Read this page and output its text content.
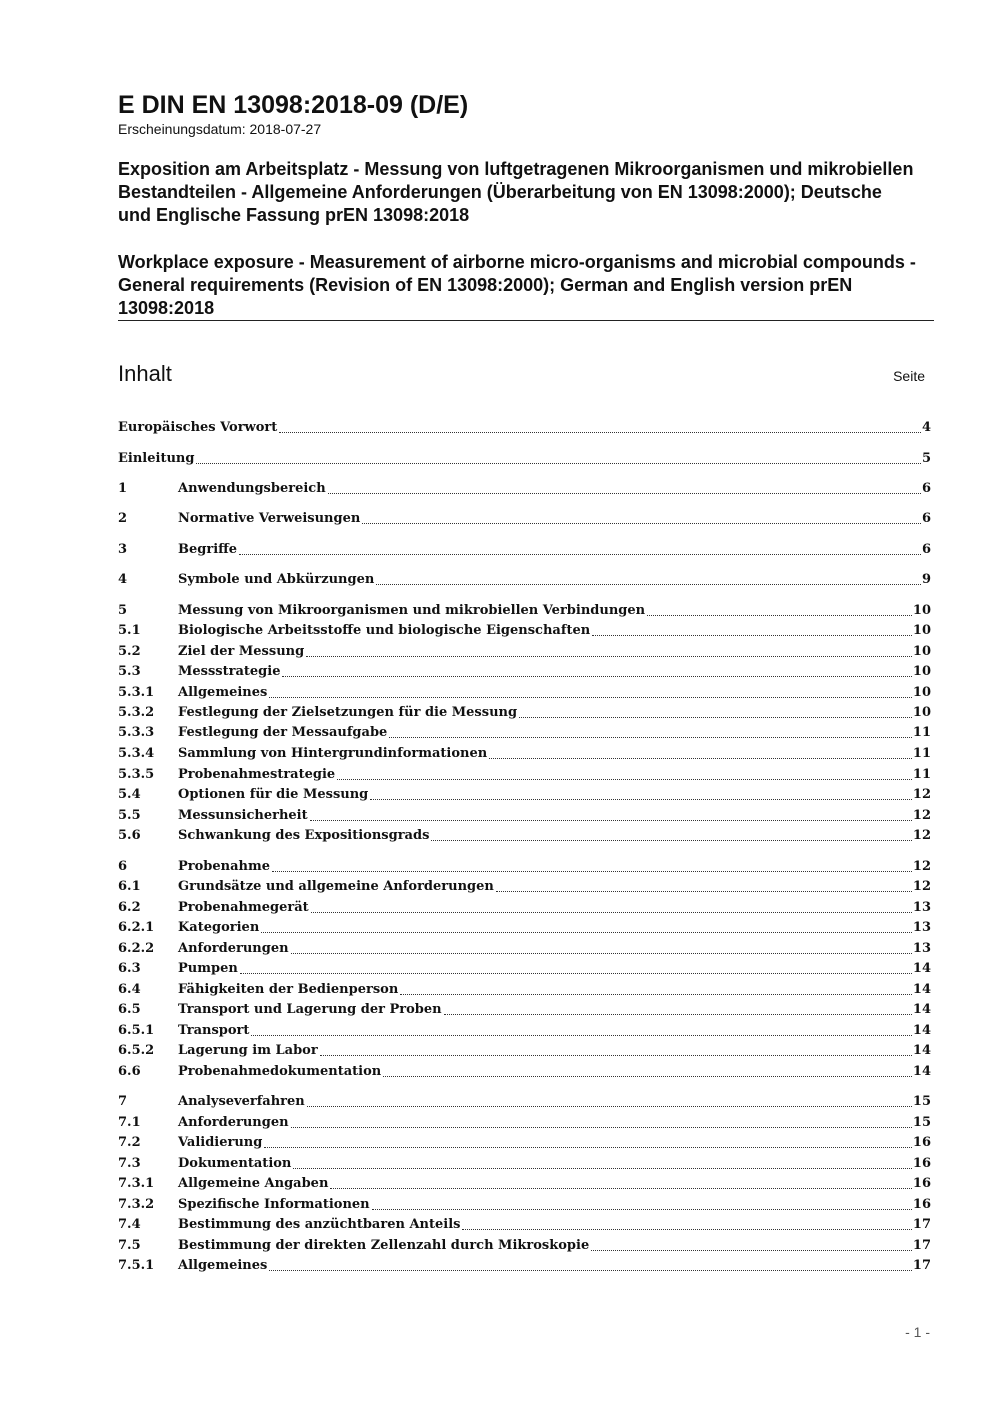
E DIN EN 13098:2018-09 (D/E)
Erscheinungsdatum: 2018-07-27
Exposition am Arbeitsplatz - Messung von luftgetragenen Mikroorganismen und mikrobiellen Bestandteilen - Allgemeine Anforderungen (Überarbeitung von EN 13098:2000); Deutsche und Englische Fassung prEN 13098:2018
Workplace exposure - Measurement of airborne micro-organisms and microbial compounds - General requirements (Revision of EN 13098:2000); German and English version prEN 13098:2018
Inhalt	Seite
Europäisches Vorwort	4
Einleitung	5
1	Anwendungsbereich	6
2	Normative Verweisungen	6
3	Begriffe	6
4	Symbole und Abkürzungen	9
5	Messung von Mikroorganismen und mikrobiellen Verbindungen	10
5.1	Biologische Arbeitsstoffe und biologische Eigenschaften	10
5.2	Ziel der Messung	10
5.3	Messstrategie	10
5.3.1	Allgemeines	10
5.3.2	Festlegung der Zielsetzungen für die Messung	10
5.3.3	Festlegung der Messaufgabe	11
5.3.4	Sammlung von Hintergrundinformationen	11
5.3.5	Probenahmestrategie	11
5.4	Optionen für die Messung	12
5.5	Messunsicherheit	12
5.6	Schwankung des Expositionsgrads	12
6	Probenahme	12
6.1	Grundsätze und allgemeine Anforderungen	12
6.2	Probenahmegerät	13
6.2.1	Kategorien	13
6.2.2	Anforderungen	13
6.3	Pumpen	14
6.4	Fähigkeiten der Bedienperson	14
6.5	Transport und Lagerung der Proben	14
6.5.1	Transport	14
6.5.2	Lagerung im Labor	14
6.6	Probenahmedokumentation	14
7	Analyseverfahren	15
7.1	Anforderungen	15
7.2	Validierung	16
7.3	Dokumentation	16
7.3.1	Allgemeine Angaben	16
7.3.2	Spezifische Informationen	16
7.4	Bestimmung des anzüchtbaren Anteils	17
7.5	Bestimmung der direkten Zellenzahl durch Mikroskopie	17
7.5.1	Allgemeines	17
- 1 -
